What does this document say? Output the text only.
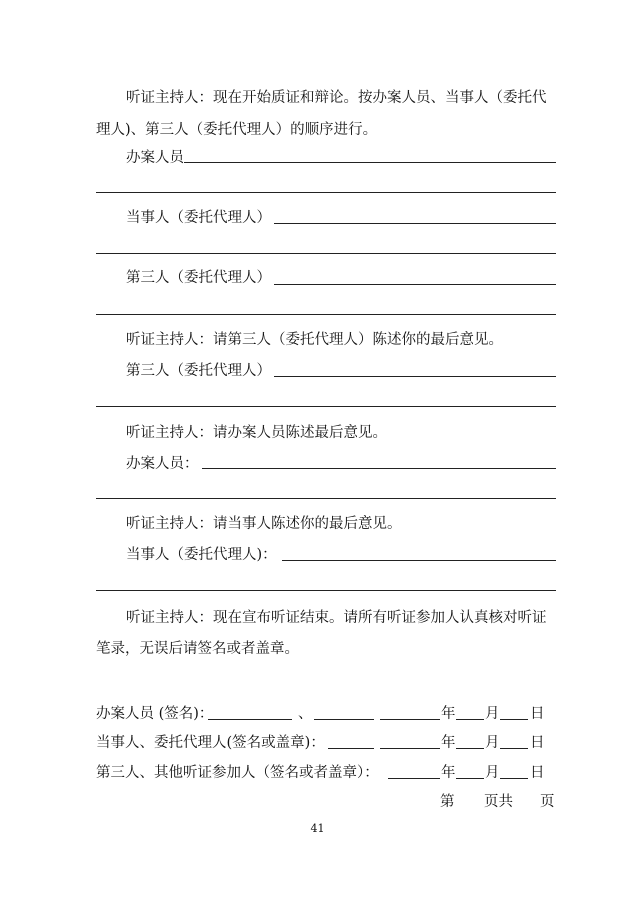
听证主持人：现在开始质证和辩论。按办案人员、当事人（委托代
理人)、第三人（委托代理人）的顺序进行。
办案人员
当事人（委托代理人）
第三人（委托代理人）
听证主持人：请第三人（委托代理人）陈述你的最后意见。
第三人（委托代理人）
听证主持人：请办案人员陈述最后意见。
办案人员：
听证主持人：请当事人陈述你的最后意见。
当事人（委托代理人)：
听证主持人：现在宣布听证结束。请所有听证参加人认真核对听证
笔录，无误后请签名或者盖章。
办案人员 (签名)：	、	年 月 日
当事人、委托代理人(签名或盖章)：	年 月 日
第三人、其他听证参加人（签名或者盖章）：	年 月 日
第 页共 页
41
